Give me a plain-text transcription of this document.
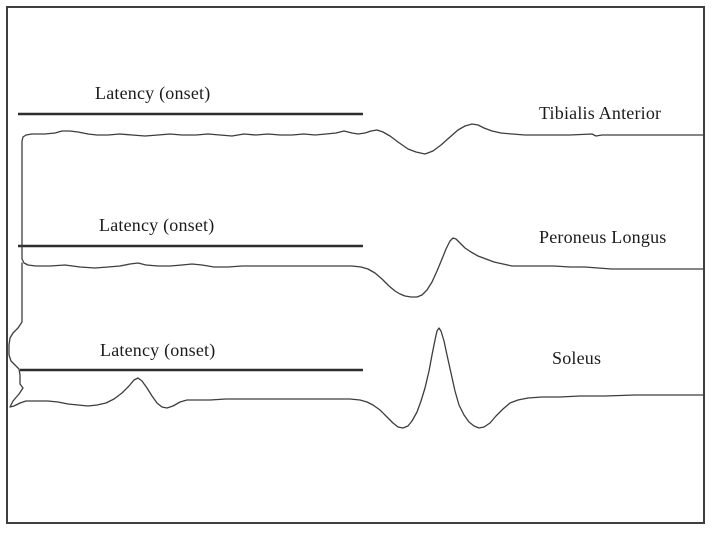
Latency (onset)
Latency (onset)
Latency (onset)
Tibialis Anterior
Peroneus Longus
Soleus
